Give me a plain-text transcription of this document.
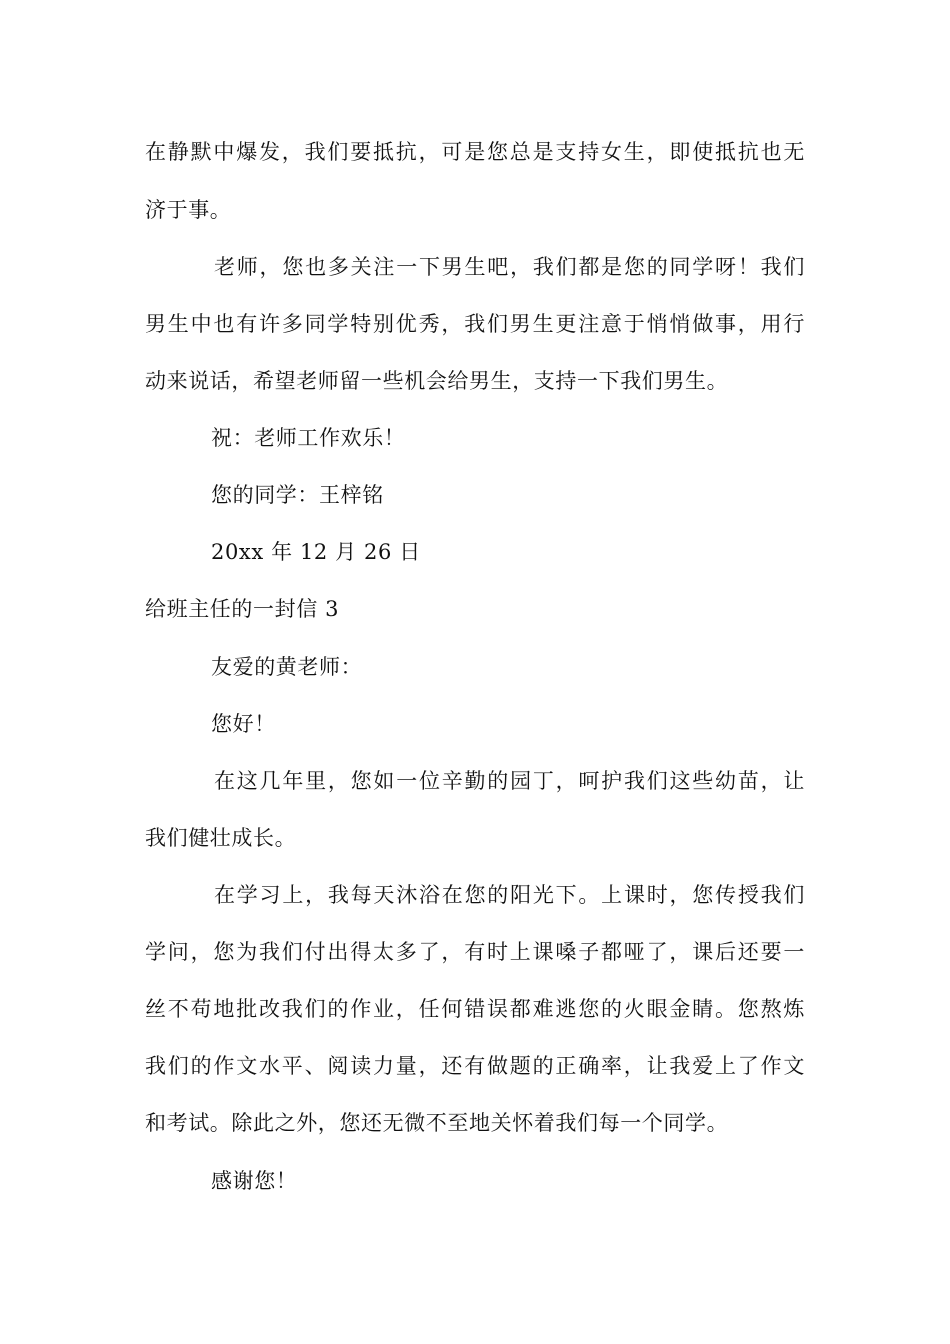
在静默中爆发，我们要抵抗，可是您总是支持女生，即使抵抗也无
济于事。
老师，您也多关注一下男生吧，我们都是您的同学呀！我们
男生中也有许多同学特别优秀，我们男生更注意于悄悄做事，用行
动来说话，希望老师留一些机会给男生，支持一下我们男生。
祝：老师工作欢乐！
您的同学：王梓铭
20xx 年 12 月 26 日
给班主任的一封信 3
友爱的黄老师：
您好！
在这几年里，您如一位辛勤的园丁，呵护我们这些幼苗，让
我们健壮成长。
在学习上，我每天沐浴在您的阳光下。上课时，您传授我们
学问，您为我们付出得太多了，有时上课嗓子都哑了，课后还要一
丝不苟地批改我们的作业，任何错误都难逃您的火眼金睛。您熬炼
我们的作文水平、阅读力量，还有做题的正确率，让我爱上了作文
和考试。除此之外，您还无微不至地关怀着我们每一个同学。
感谢您！
